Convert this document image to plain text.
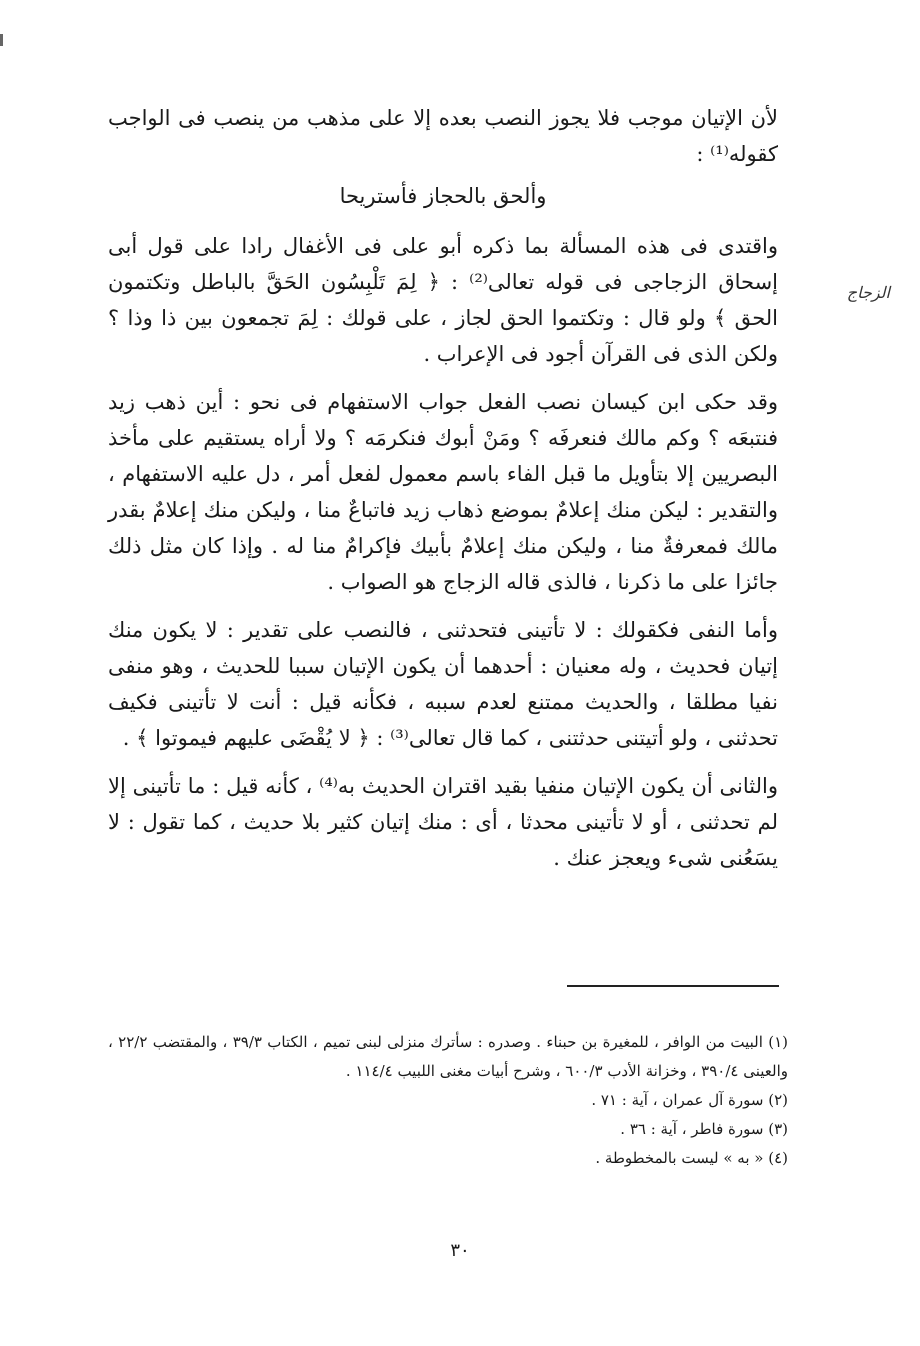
لأن الإتيان موجب فلا يجوز النصب بعده إلا على مذهب من ينصب فى الواجب كقوله⁽¹⁾ :

وألحق بالحجاز فأستريحا
الزجاج

واقتدى فى هذه المسألة بما ذكره أبو على فى الأغفال رادا على قول أبى إسحاق الزجاجى فى قوله تعالى⁽²⁾ : ﴿ لِمَ تَلْبِسُون الحَقَّ بالباطل وتكتمون الحق ﴾ ولو قال : وتكتموا الحق لجاز ، على قولك : لِمَ تجمعون بين ذا وذا ؟ ولكن الذى فى القرآن أجود فى الإعراب .

وقد حكى ابن كيسان نصب الفعل جواب الاستفهام فى نحو : أين ذهب زيد فنتبعَه ؟ وكم مالك فنعرفَه ؟ ومَنْ أبوك فنكرمَه ؟ ولا أراه يستقيم على مأخذ البصريين إلا بتأويل ما قبل الفاء باسم معمول لفعل أمر ، دل عليه الاستفهام ، والتقدير : ليكن منك إعلامٌ بموضع ذهاب زيد فاتباعٌ منا ، وليكن منك إعلامٌ بقدر مالك فمعرفةٌ منا ، وليكن منك إعلامٌ بأبيك فإكرامٌ منا له . وإذا كان مثل ذلك جائزا على ما ذكرنا ، فالذى قاله الزجاج هو الصواب .

وأما النفى فكقولك : لا تأتينى فتحدثنى ، فالنصب على تقدير : لا يكون منك إتيان فحديث ، وله معنيان : أحدهما أن يكون الإتيان سببا للحديث ، وهو منفى نفيا مطلقا ، والحديث ممتنع لعدم سببه ، فكأنه قيل : أنت لا تأتينى فكيف تحدثنى ، ولو أتيتنى حدثتنى ، كما قال تعالى⁽³⁾ : ﴿ لا يُقْضَى عليهم فيموتوا ﴾ .

والثانى أن يكون الإتيان منفيا بقيد اقتران الحديث به⁽⁴⁾ ، كأنه قيل : ما تأتينى إلا لم تحدثنى ، أو لا تأتينى محدثا ، أى : منك إتيان كثير بلا حديث ، كما تقول : لا يسَعُنى شىء ويعجز عنك .

(١) البيت من الوافر ، للمغيرة بن حبناء . وصدره : سأترك منزلى لبنى تميم ، الكتاب ٣٩/٣ ، والمقتضب ٢٢/٢ ، والعينى ٣٩٠/٤ ، وخزانة الأدب ٦٠٠/٣ ، وشرح أبيات مغنى اللبيب ١١٤/٤ .

(٢) سورة آل عمران ، آية : ٧١ .

(٣) سورة فاطر ، آية : ٣٦ .

(٤) « به » ليست بالمخطوطة .

٣٠
